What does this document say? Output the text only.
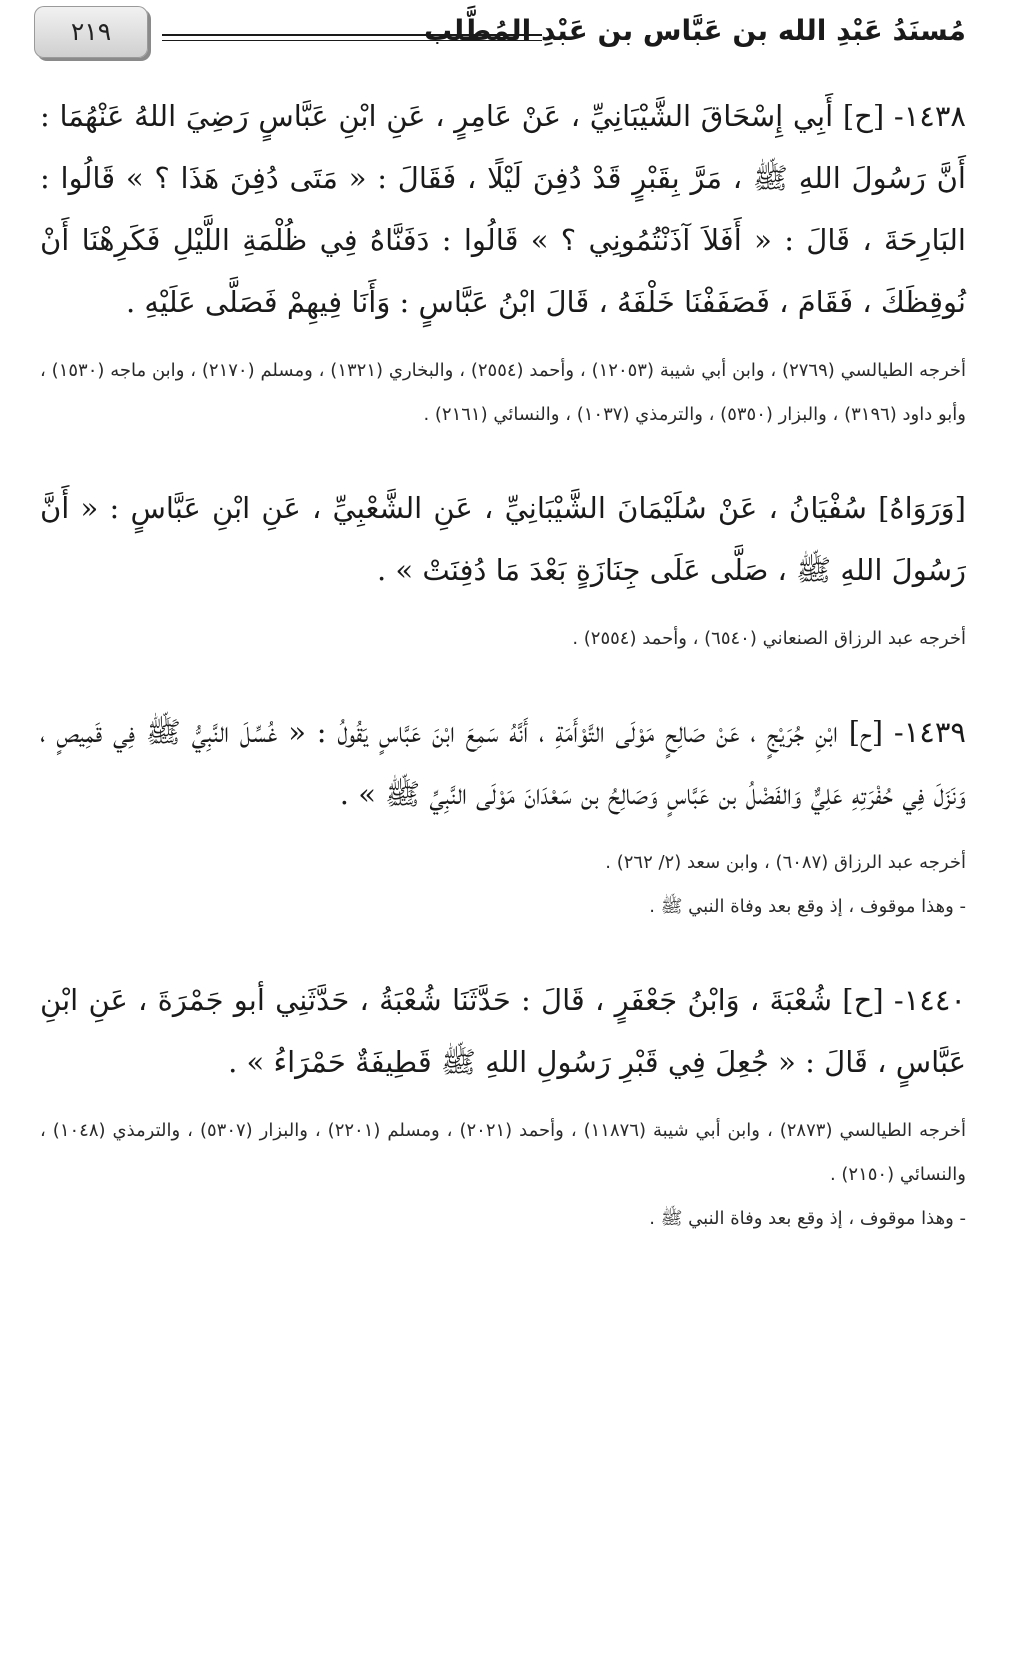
مُسنَدُ عَبْدِ الله بن عَبَّاس بن عَبْدِ المُطَّلب
٢١٩

١٤٣٨- [ح] أَبِي إِسْحَاقَ الشَّيْبَانِيِّ ، عَنْ عَامِرٍ ، عَنِ ابْنِ عَبَّاسٍ رَضِيَ اللهُ عَنْهُمَا : أَنَّ رَسُولَ اللهِ ﷺ ، مَرَّ بِقَبْرٍ قَدْ دُفِنَ لَيْلًا ، فَقَالَ : « مَتَى دُفِنَ هَذَا ؟ » قَالُوا : البَارِحَةَ ، قَالَ : « أَفَلاَ آذَنْتُمُونِي ؟ » قَالُوا : دَفَنَّاهُ فِي ظُلْمَةِ اللَّيْلِ فَكَرِهْنَا أَنْ نُوقِظَكَ ، فَقَامَ ، فَصَفَفْنَا خَلْفَهُ ، قَالَ ابْنُ عَبَّاسٍ : وَأَنَا فِيهِمْ فَصَلَّى عَلَيْهِ .

أخرجه الطيالسي (٢٧٦٩) ، وابن أبي شيبة (١٢٠٥٣) ، وأحمد (٢٥٥٤) ، والبخاري (١٣٢١) ، ومسلم (٢١٧٠) ، وابن ماجه (١٥٣٠) ، وأبو داود (٣١٩٦) ، والبزار (٥٣٥٠) ، والترمذي (١٠٣٧) ، والنسائي (٢١٦١) .

[وَرَوَاهُ] سُفْيَانُ ، عَنْ سُلَيْمَانَ الشَّيْبَانِيِّ ، عَنِ الشَّعْبِيِّ ، عَنِ ابْنِ عَبَّاسٍ : « أَنَّ رَسُولَ اللهِ ﷺ ، صَلَّى عَلَى جِنَازَةٍ بَعْدَ مَا دُفِنَتْ » .

أخرجه عبد الرزاق الصنعاني (٦٥٤٠) ، وأحمد (٢٥٥٤) .

١٤٣٩- [ح] ابْنِ جُرَيْجٍ ، عَنْ صَالِحٍ مَوْلَى التَّوْأَمَةِ ، أَنَّهُ سَمِعَ ابْنَ عَبَّاسٍ يَقُولُ : « غُسِّلَ النَّبِيُّ ﷺ فِي قَمِيصٍ ، وَنَزَلَ فِي حُفْرَتِهِ عَلِيٌّ وَالفَضْلُ بن عَبَّاسٍ وَصَالِحُ بن سَعْدَانَ مَوْلَى النَّبِيِّ ﷺ » .

أخرجه عبد الرزاق (٦٠٨٧) ، وابن سعد (٢/ ٢٦٢) .

- وهذا موقوف ، إذ وقع بعد وفاة النبي ﷺ .

١٤٤٠- [ح] شُعْبَةَ ، وَابْنُ جَعْفَرٍ ، قَالَ : حَدَّثَنَا شُعْبَةُ ، حَدَّثَنِي أبو جَمْرَةَ ، عَنِ ابْنِ عَبَّاسٍ ، قَالَ : « جُعِلَ فِي قَبْرِ رَسُولِ اللهِ ﷺ قَطِيفَةٌ حَمْرَاءُ » .

أخرجه الطيالسي (٢٨٧٣) ، وابن أبي شيبة (١١٨٧٦) ، وأحمد (٢٠٢١) ، ومسلم (٢٢٠١) ، والبزار (٥٣٠٧) ، والترمذي (١٠٤٨) ، والنسائي (٢١٥٠) .

- وهذا موقوف ، إذ وقع بعد وفاة النبي ﷺ .
